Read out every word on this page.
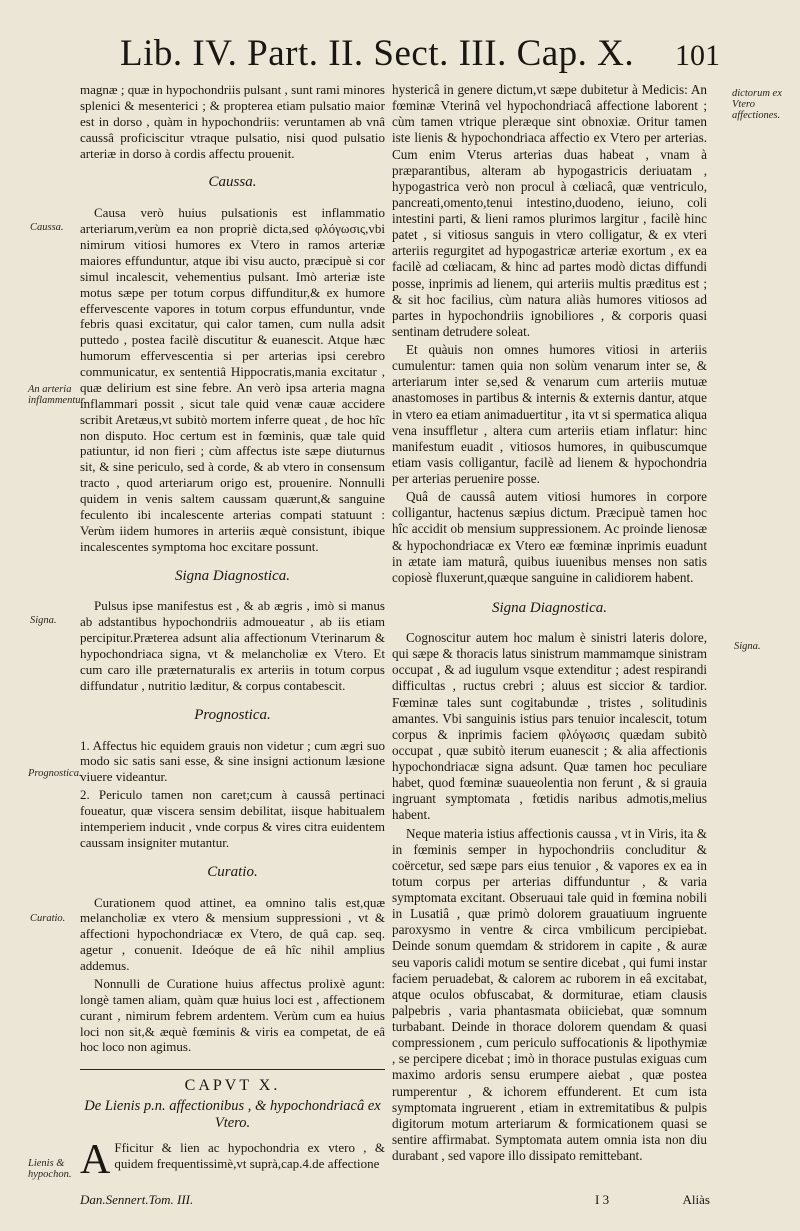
Lib. IV. Part. II. Sect. III. Cap. X. 101
Caussa.
An arteria inflammentur.
Signa.
Prognostica.
Curatio.
Lienis & hypochon.
dictorum ex Vtero affectiones.
Signa.

magnæ ; quæ in hypochondriis pulsant , sunt rami minores splenici & mesenterici ; & propterea etiam pulsatio maior est in dorso , quàm in hypochondriis: veruntamen ab vnâ caussâ proficiscitur vtraque pulsatio, nisi quod pulsatio arteriæ in dorso à cordis affectu prouenit.

Caussa.

Causa verò huius pulsationis est inflammatio arteriarum,verùm ea non propriè dicta,sed φλόγωσις,vbi nimirum vitiosi humores ex Vtero in ramos arteriæ maiores effunduntur, atque ibi visu aucto, præcipuè si cor simul incalescit, vehementius pulsant. Imò arteriæ iste motus sæpe per totum corpus diffunditur,& ex humore effervescente vapores in totum corpus effunduntur, vnde febris quasi excitatur, qui calor tamen, cum nulla adsit puttedo , postea facilè discutitur & euanescit. Atque hæc humorum effervescentia si per arterias ipsi cerebro communicatur, ex sententiâ Hippocratis,mania excitatur , quæ delirium est sine febre. An verò ipsa arteria magna inflammari possit , sicut tale quid venæ cauæ accidere scribit Aretæus,vt subitò mortem inferre queat , de hoc hîc non disputo. Hoc certum est in fœminis, quæ tale quid patiuntur, id non fieri ; cùm affectus iste sæpe diuturnus sit, & sine periculo, sed à corde, & ab vtero in consensum tracto , quod arteriarum origo est, prouenire. Nonnulli quidem in venis saltem caussam quærunt,& sanguine feculento ibi incalescente arterias compati statuunt : Verùm iidem humores in arteriis æquè consistunt, ibique incalescentes symptoma hoc excitare possunt.

Signa Diagnostica.

Pulsus ipse manifestus est , & ab ægris , imò si manus ab adstantibus hypochondriis admoueatur , ab iis etiam percipitur.Præterea adsunt alia affectionum Vterinarum & hypochondriaca signa, vt & melancholiæ ex Vtero. Et cum caro ille præternaturalis ex arteriis in totum corpus diffundatur , nutritio læditur, & corpus contabescit.

Prognostica.

1. Affectus hic equidem grauis non videtur ; cum ægri suo modo sic satis sani esse, & sine insigni actionum læsione viuere videantur.

2. Periculo tamen non caret;cum à caussâ pertinaci foueatur, quæ viscera sensim debilitat, iisque habitualem intemperiem inducit , vnde corpus & vires citra euidentem caussam insigniter mutantur.

Curatio.

Curationem quod attinet, ea omnino talis est,quæ melancholiæ ex vtero & mensium suppressioni , vt & affectioni hypochondriacæ ex Vtero, de quâ cap. seq. agetur , conuenit. Ideóque de eâ hîc nihil amplius addemus.

Nonnulli de Curatione huius affectus prolixè agunt: longè tamen aliam, quàm quæ huius loci est , affectionem curant , nimirum febrem ardentem. Verùm cum ea huius loci non sit,& æquè fœminis & viris ea competat, de eâ hoc loco non agimus.

CAPVT X.
De Lienis p.n. affectionibus , & hypochondriacâ ex Vtero.

A Fficitur & lien ac hypochondria ex vtero , & quidem frequentissimè,vt suprà,cap.4.de affectione

hystericâ in genere dictum,vt sæpe dubitetur à Medicis: An fœminæ Vterinâ vel hypochondriacâ affectione laborent ; cùm tamen vtrique pleræque sint obnoxiæ. Oritur tamen iste lienis & hypochondriaca affectio ex Vtero per arterias. Cum enim Vterus arterias duas habeat , vnam à præparantibus, alteram ab hypogastricis deriuatam , hypogastrica verò non procul à cœliacâ, quæ ventriculo, pancreati,omento,tenui intestino,duodeno, ieiuno, coli intestini parti, & lieni ramos plurimos largitur , facilè hinc patet , si vitiosus sanguis in vtero colligatur, & ex vteri arteriis regurgitet ad hypogastricæ arteriæ exortum , ex ea facilè ad cœliacam, & hinc ad partes modò dictas diffundi posse, inprimis ad lienem, qui arteriis multis præditus est ; & sit hoc facilius, cùm natura aliàs humores vitiosos ad partes in hypochondriis ignobiliores , & corporis quasi sentinam detrudere soleat.

Et quàuis non omnes humores vitiosi in arteriis cumulentur: tamen quia non solùm venarum inter se, & arteriarum inter se,sed & venarum cum arteriis mutuæ anastomoses in partibus & internis & externis dantur, atque in vtero ea etiam animaduertitur , ita vt si spermatica aliqua vena insuffletur , altera cum arteriis etiam inflatur: hinc manifestum euadit , vitiosos humores, in quibuscumque etiam vasis colligantur, facilè ad lienem & hypochondria per arterias peruenire posse.

Quâ de caussâ autem vitiosi humores in corpore colligantur, hactenus sæpius dictum. Præcipuè tamen hoc hîc accidit ob mensium suppressionem. Ac proinde lienosæ & hypochondriacæ ex Vtero eæ fœminæ inprimis euadunt in ætate iam maturâ, quibus iuuenibus menses non satis copiosè fluxerunt,quæque sanguine in calidiorem habent.

Signa Diagnostica.

Cognoscitur autem hoc malum è sinistri lateris dolore, qui sæpe & thoracis latus sinistrum mammamque sinistram occupat , & ad iugulum vsque extenditur ; adest respirandi difficultas , ructus crebri ; aluus est siccior & tardior. Fœminæ tales sunt cogitabundæ , tristes , solitudinis amantes. Vbi sanguinis istius pars tenuior incalescit, totum corpus & inprimis faciem φλόγωσις quædam subitò occupat , quæ subitò iterum euanescit ; & alia affectionis hypochondriacæ signa adsunt. Quæ tamen hoc peculiare habet, quod fœminæ suaueolentia non ferunt , & si grauia ingruant symptomata , fœtidis naribus admotis,melius habent.

Neque materia istius affectionis caussa , vt in Viris, ita & in fœminis semper in hypochondriis concluditur & coërcetur, sed sæpe pars eius tenuior , & vapores ex ea in totum corpus per arterias diffunduntur , & varia symptomata excitant. Obseruaui tale quid in fœmina nobili in Lusatiâ , quæ primò dolorem grauatiuum ingruente paroxysmo in ventre & circa vmbilicum percipiebat. Deinde sonum quemdam & stridorem in capite , & auræ seu vaporis calidi motum se sentire dicebat , qui fumi instar faciem peruadebat, & calorem ac ruborem in eâ excitabat, atque oculos obfuscabat, & dormiturae, etiam clausis palpebris , varia phantasmata obiiciebat, quæ somnum turbabant. Deinde in thorace dolorem quendam & quasi compressionem , cum periculo suffocationis & lipothymiæ , se percipere dicebat ; imò in thorace pustulas exiguas cum maximo ardoris sensu erumpere aiebat , quæ postea rumperentur , & ichorem effunderent. Et cum ista symptomata ingruerent , etiam in extremitatibus & pulpis digitorum motum arteriarum & formicationem quasi se sentire affirmabat. Symptomata autem omnia ista non diu durabant , sed vapore illo dissipato remittebant.

Dan.Sennert.Tom. III.	I 3	Aliàs
